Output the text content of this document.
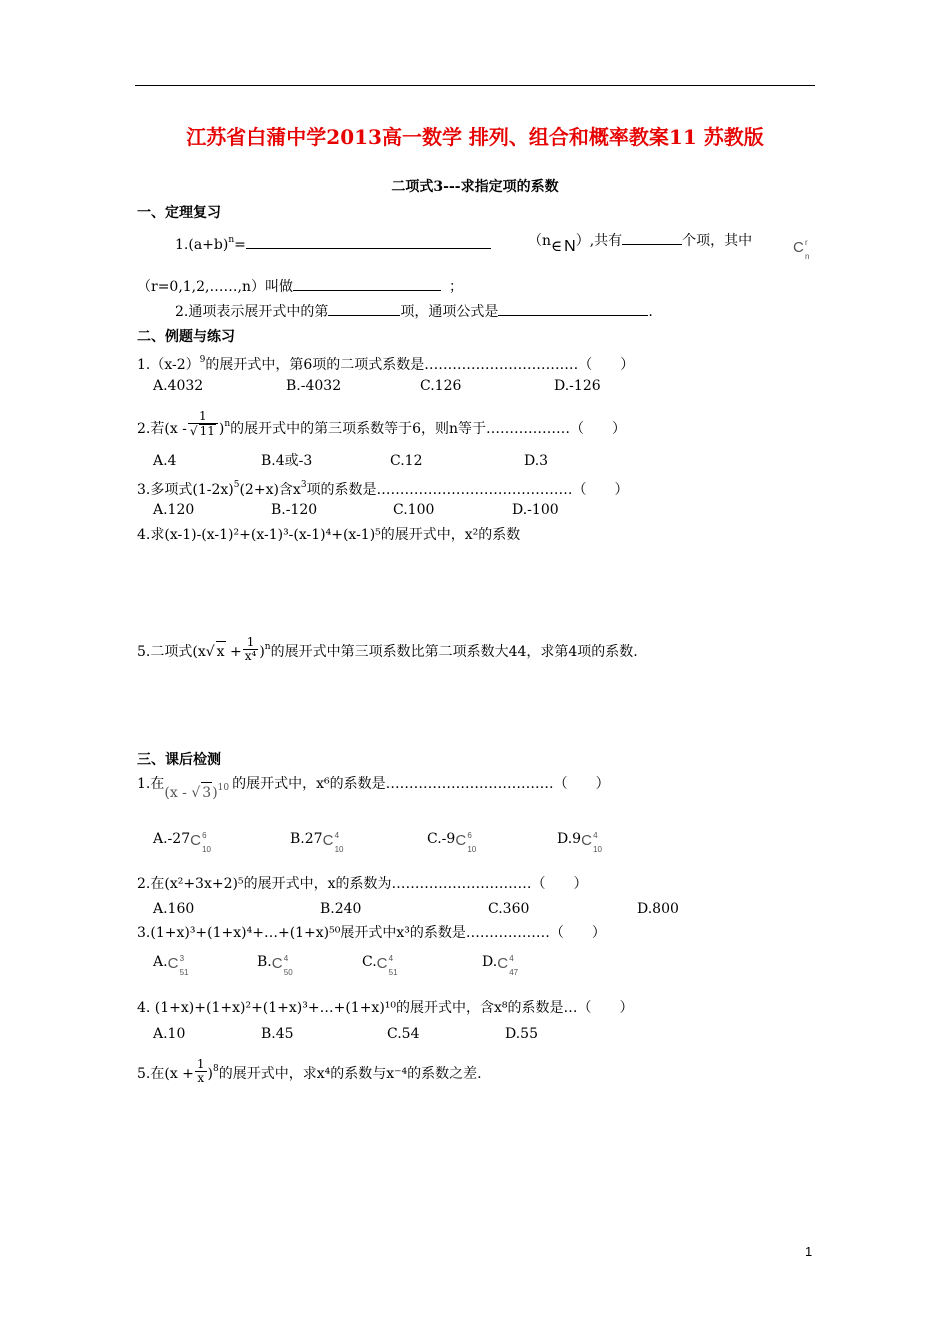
江苏省白蒲中学2013高一数学 排列、组合和概率教案11 苏教版
二项式3---求指定项的系数
一、定理复习
$1.(a+b)^n=$	（n∈ N）,共有	个项，其中	C r
n
（r=0,1,2,……,n）叫做	；
2.通项表示展开式中的第	项，通项公式是	.
二、例题与练习
$1.(x-2)^9$的展开式中，第6项的二项式系数是……………………………（　　）
A.4032	B.-4032	C.126	D.-126
2.若$(x - \frac{1}{√ 11} )^n$的展开式中的第三项系数等于6，则n等于………………（　　）
A.4	B.4或-3	C.12	D.3
3.多项式$(1-2x)^5(2+x)$含$x^3$项的系数是……………………………………（　　）
A.120	B.-120	C.100	D.-100
4.求(x-1)-(x-1)²+(x-1)³-(x-1)⁴+(x-1)⁵的展开式中，x²的系数
5.二项式(x√ $x + \frac{1}{\text{x⁴}} )^n$的展开式中第三项系数比第二项系数大44，求第4项的系数.
三、课后检测
1.在(x - √ 3)$^{10}$ 的展开式中，x⁶的系数是………………………………（　　）
A.-27 C 6
10
B.27 C 4
10
C.-9 C 6
10
D.9 C 4
10
2.在(x²+3x+2)⁵的展开式中，x的系数为…………………………（　　）
A.160	B.240	C.360	D.800
3.(1+x)³+(1+x)⁴+…+(1+x)⁵⁰展开式中x³的系数是………………（　　）
A. C 3
51
B. C 4
50
C. C 4
51
D. C 4
47
4. (1+x)+(1+x)²+(1+x)³+…+(1+x)¹⁰的展开式中，含x⁸的系数是…（　　）
A.10	B.45	C.54	D.55
5.在$(x + \frac{1}{x} )^8$的展开式中，求x⁴的系数与x⁻⁴的系数之差.
1
